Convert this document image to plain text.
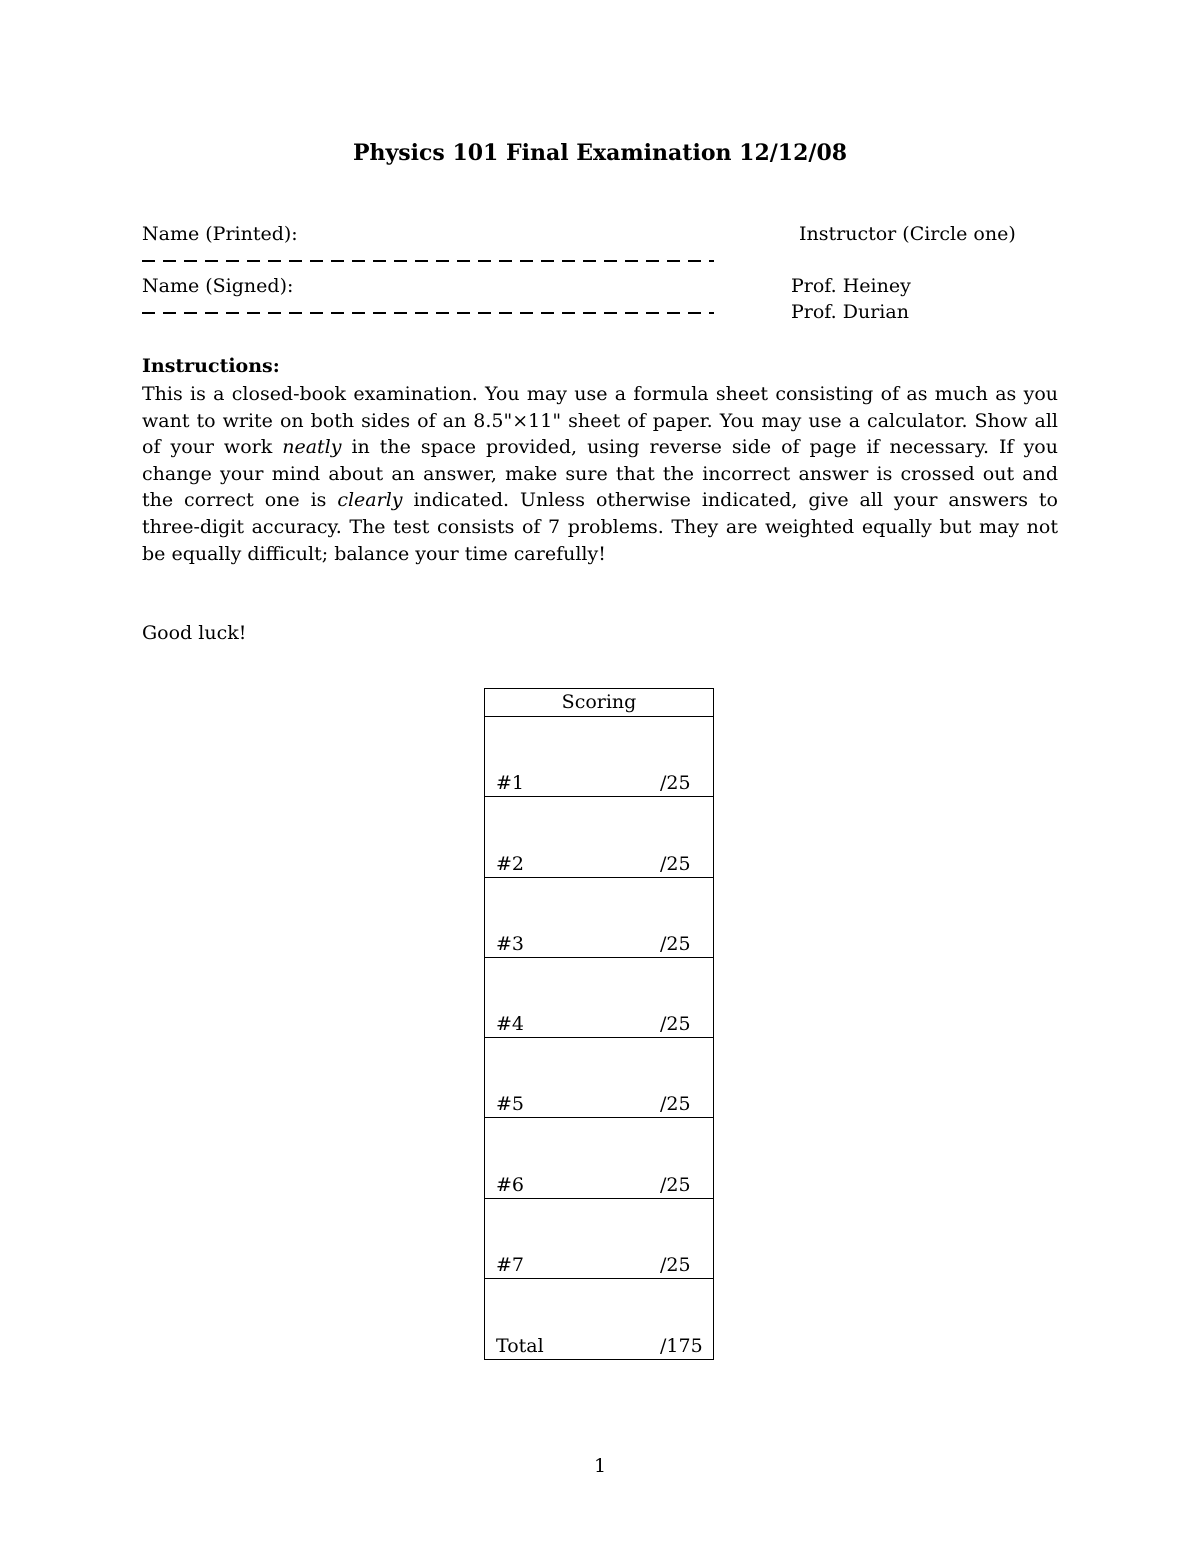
Physics 101 Final Examination 12/12/08
Name (Printed):	Instructor (Circle one)
Name (Signed):	Prof. Heiney
Prof. Durian
Instructions:
This is a closed-book examination. You may use a formula sheet consisting of as much as you want to write on both sides of an 8.5"×11" sheet of paper. You may use a calculator. Show all of your work neatly in the space provided, using reverse side of page if necessary. If you change your mind about an answer, make sure that the incorrect answer is crossed out and the correct one is clearly indicated. Unless otherwise indicated, give all your answers to three-digit accuracy. The test consists of 7 problems. They are weighted equally but may not be equally difficult; balance your time carefully!
Good luck!
Scoring
#1	/25
#2	/25
#3	/25
#4	/25
#5	/25
#6	/25
#7	/25
Total	/175
1
